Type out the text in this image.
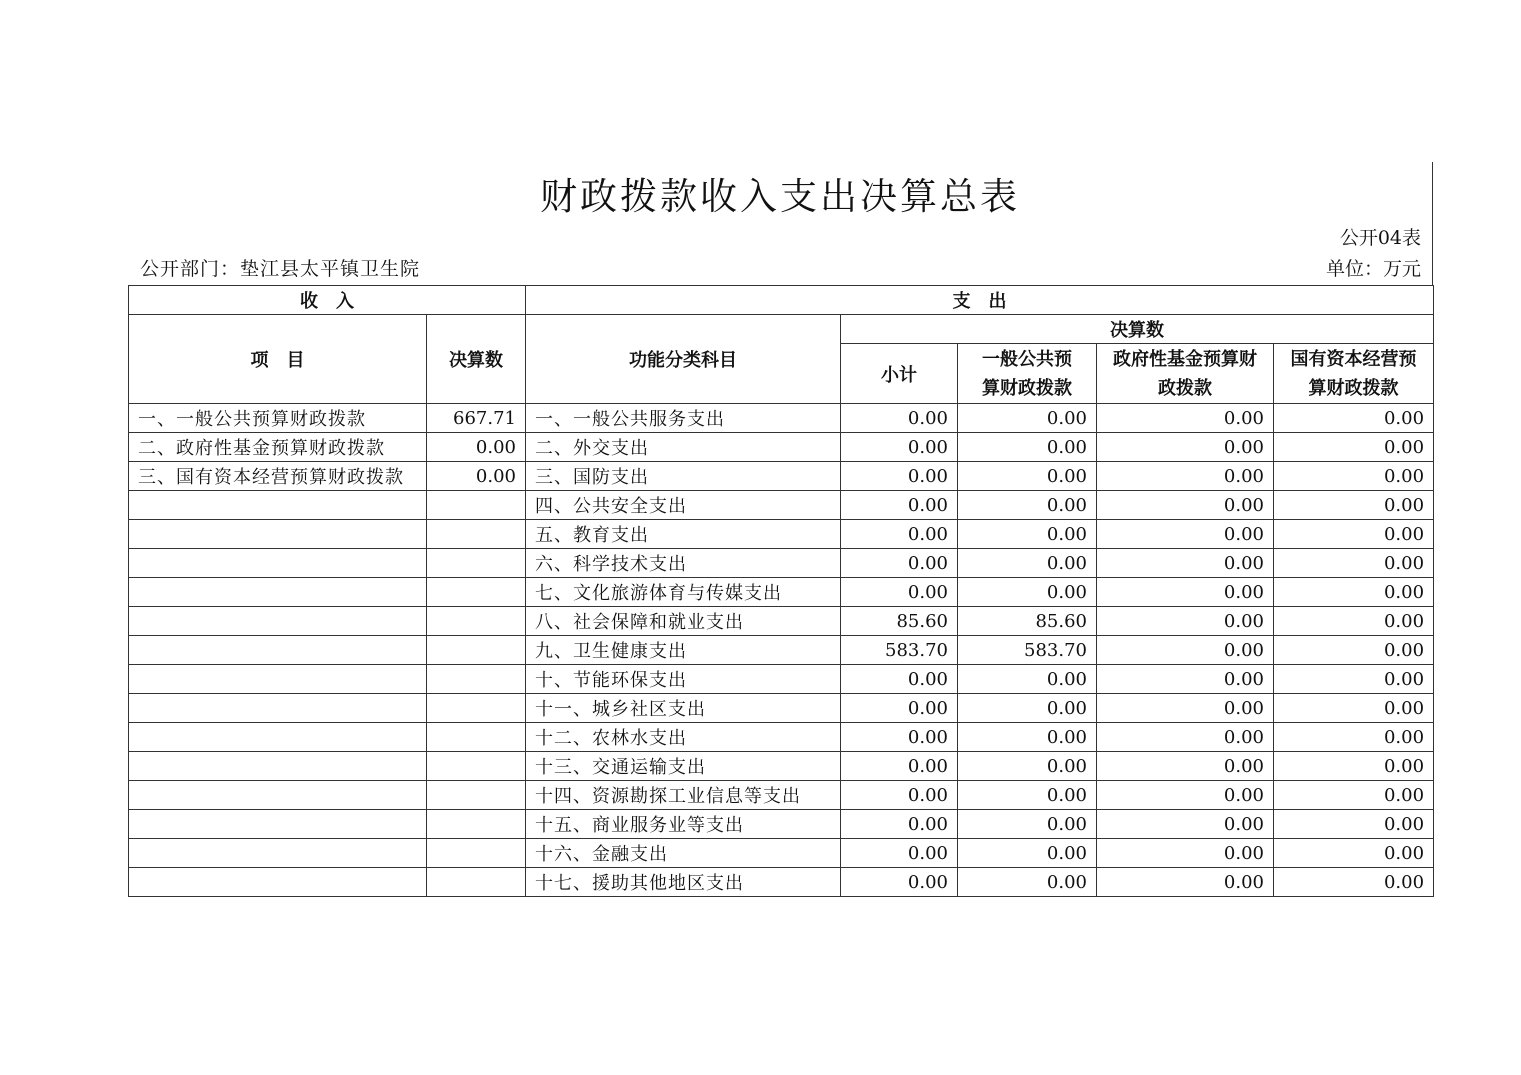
财政拨款收入支出决算总表
公开04表
公开部门：垫江县太平镇卫生院	单位：万元
收　入		支　出				
项　目	决算数	功能分类科目	决算数			
			小计	一般公共预算财政拨款	政府性基金预算财政拨款	国有资本经营预算财政拨款
一、一般公共预算财政拨款	667.71	一、一般公共服务支出	0.00	0.00	0.00	0.00
二、政府性基金预算财政拨款	0.00	二、外交支出	0.00	0.00	0.00	0.00
三、国有资本经营预算财政拨款	0.00	三、国防支出	0.00	0.00	0.00	0.00
		四、公共安全支出	0.00	0.00	0.00	0.00
		五、教育支出	0.00	0.00	0.00	0.00
		六、科学技术支出	0.00	0.00	0.00	0.00
		七、文化旅游体育与传媒支出	0.00	0.00	0.00	0.00
		八、社会保障和就业支出	85.60	85.60	0.00	0.00
		九、卫生健康支出	583.70	583.70	0.00	0.00
		十、节能环保支出	0.00	0.00	0.00	0.00
		十一、城乡社区支出	0.00	0.00	0.00	0.00
		十二、农林水支出	0.00	0.00	0.00	0.00
		十三、交通运输支出	0.00	0.00	0.00	0.00
		十四、资源勘探工业信息等支出	0.00	0.00	0.00	0.00
		十五、商业服务业等支出	0.00	0.00	0.00	0.00
		十六、金融支出	0.00	0.00	0.00	0.00
		十七、援助其他地区支出	0.00	0.00	0.00	0.00
